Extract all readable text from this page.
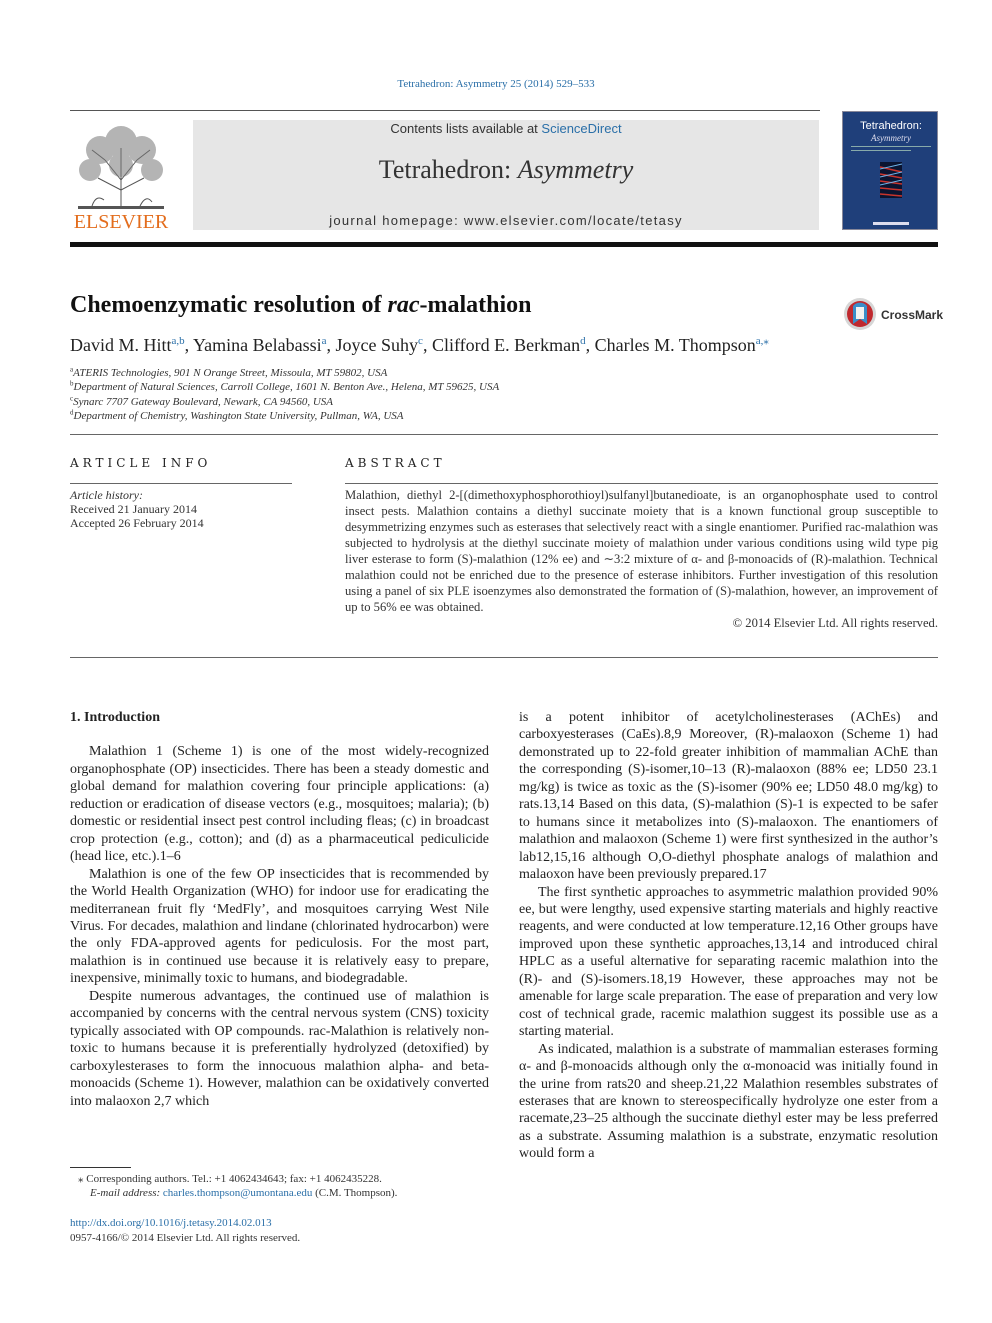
Tetrahedron: Asymmetry 25 (2014) 529–533
ELSEVIER
Contents lists available at ScienceDirect
Tetrahedron: Asymmetry
journal homepage: www.elsevier.com/locate/tetasy
Tetrahedron:
Asymmetry
Chemoenzymatic resolution of rac-malathion	CrossMark
David M. Hitt$^{a,b}$, Yamina Belabassi$^a$, Joyce Suhy$^c$, Clifford E. Berkman$^d$, Charles M. Thompson$^{a,⁎}$
$^a$ATERIS Technologies, 901 N Orange Street, Missoula, MT 59802, USA
$^b$Department of Natural Sciences, Carroll College, 1601 N. Benton Ave., Helena, MT 59625, USA
$^c$Synarc 7707 Gateway Boulevard, Newark, CA 94560, USA
$^d$Department of Chemistry, Washington State University, Pullman, WA, USA
ARTICLE INFO	ABSTRACT
Article history:
Received 21 January 2014
Accepted 26 February 2014
Malathion, diethyl 2-[(dimethoxyphosphorothioyl)sulfanyl]butanedioate, is an organophosphate used to control insect pests. Malathion contains a diethyl succinate moiety that is a known functional group susceptible to desymmetrizing enzymes such as esterases that selectively react with a single enantiomer. Purified rac-malathion was subjected to hydrolysis at the diethyl succinate moiety of malathion under various conditions using wild type pig liver esterase to form (S)-malathion (12% ee) and ∼3:2 mixture of α- and β-monoacids of (R)-malathion. Technical malathion could not be enriched due to the presence of esterase inhibitors. Further investigation of this resolution using a panel of six PLE isoenzymes also demonstrated the formation of (S)-malathion, however, an improvement of up to 56% ee was obtained.
© 2014 Elsevier Ltd. All rights reserved.

1. Introduction

Malathion 1 (Scheme 1) is one of the most widely-recognized organophosphate (OP) insecticides. There has been a steady domestic and global demand for malathion covering four principle applications: (a) reduction or eradication of disease vectors (e.g., mosquitoes; malaria); (b) domestic or residential insect pest control including fleas; (c) in broadcast crop protection (e.g., cotton); and (d) as a pharmaceutical pediculicide (head lice, etc.).1–6

Malathion is one of the few OP insecticides that is recommended by the World Health Organization (WHO) for indoor use for eradicating the mediterranean fruit fly ‘MedFly’, and mosquitoes carrying West Nile Virus. For decades, malathion and lindane (chlorinated hydrocarbon) were the only FDA-approved agents for pediculosis. For the most part, malathion is in continued use because it is relatively easy to prepare, inexpensive, minimally toxic to humans, and biodegradable.

Despite numerous advantages, the continued use of malathion is accompanied by concerns with the central nervous system (CNS) toxicity typically associated with OP compounds. rac-Malathion is relatively non-toxic to humans because it is preferentially hydrolyzed (detoxified) by carboxylesterases to form the innocuous malathion alpha- and beta-monoacids (Scheme 1). However, malathion can be oxidatively converted into malaoxon 2,7 which

is a potent inhibitor of acetylcholinesterases (AChEs) and carboxyesterases (CaEs).8,9 Moreover, (R)-malaoxon (Scheme 1) had demonstrated up to 22-fold greater inhibition of mammalian AChE than the corresponding (S)-isomer,10–13 (R)-malaoxon (88% ee; LD50 23.1 mg/kg) is twice as toxic as the (S)-isomer (90% ee; LD50 48.0 mg/kg) to rats.13,14 Based on this data, (S)-malathion (S)-1 is expected to be safer to humans since it metabolizes into (S)-malaoxon. The enantiomers of malathion and malaoxon (Scheme 1) were first synthesized in the author’s lab12,15,16 although O,O-diethyl phosphate analogs of malathion and malaoxon have been previously prepared.17

The first synthetic approaches to asymmetric malathion provided 90% ee, but were lengthy, used expensive starting materials and highly reactive reagents, and were conducted at low temperature.12,16 Other groups have improved upon these synthetic approaches,13,14 and introduced chiral HPLC as a useful alternative for separating racemic malathion into the (R)- and (S)-isomers.18,19 However, these approaches may not be amenable for large scale preparation. The ease of preparation and very low cost of technical grade, racemic malathion suggest its possible use as a starting material.

As indicated, malathion is a substrate of mammalian esterases forming α- and β-monoacids although only the α-monoacid was initially found in the urine from rats20 and sheep.21,22 Malathion resembles substrates of esterases that are known to stereospecifically hydrolyze one ester from a racemate,23–25 although the succinate diethyl ester may be less preferred as a substrate. Assuming malathion is a substrate, enzymatic resolution would form a

⁎ Corresponding authors. Tel.: +1 4062434643; fax: +1 4062435228.
E-mail address: charles.thompson@umontana.edu (C.M. Thompson).
http://dx.doi.org/10.1016/j.tetasy.2014.02.013
0957-4166/© 2014 Elsevier Ltd. All rights reserved.
